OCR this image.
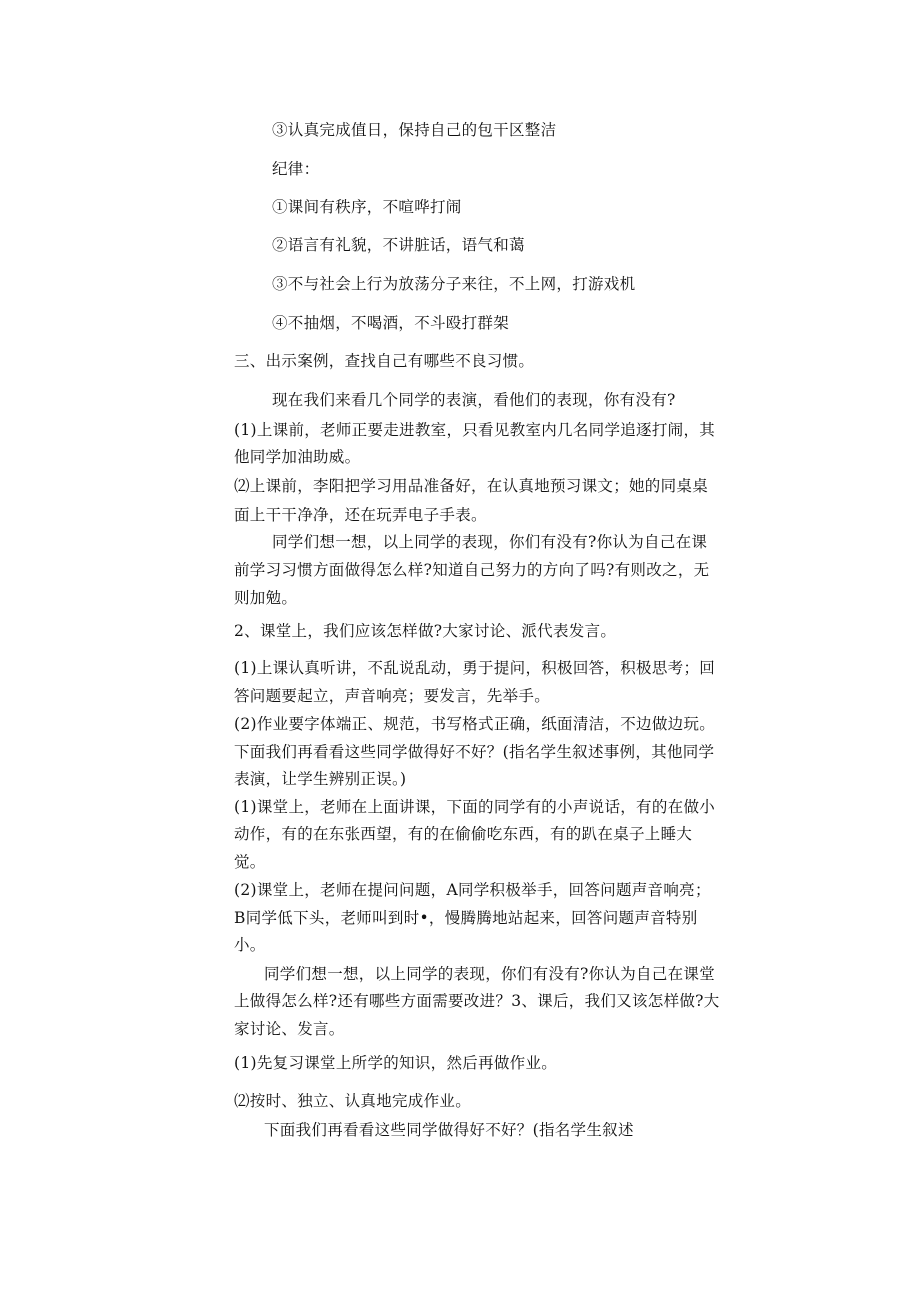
③认真完成值日，保持自己的包干区整洁
纪律：
①课间有秩序，不喧哗打闹
②语言有礼貌，不讲脏话，语气和蔼
③不与社会上行为放荡分子来往，不上网，打游戏机
④不抽烟，不喝酒，不斗殴打群架
三、出示案例，查找自己有哪些不良习惯。
现在我们来看几个同学的表演，看他们的表现，你有没有?
(1)上课前，老师正要走进教室，只看见教室内几名同学追逐打闹，其
他同学加油助威。
⑵上课前，李阳把学习用品准备好，在认真地预习课文；她的同桌桌
面上干干净净，还在玩弄电子手表。
同学们想一想，以上同学的表现，你们有没有?你认为自己在课
前学习习惯方面做得怎么样?知道自己努力的方向了吗?有则改之，无
则加勉。
2、课堂上，我们应该怎样做?大家讨论、派代表发言。
(1)上课认真听讲，不乱说乱动，勇于提问，积极回答，积极思考；回
答问题要起立，声音响亮；要发言，先举手。
(2)作业要字体端正、规范，书写格式正确，纸面清洁，不边做边玩。
下面我们再看看这些同学做得好不好？(指名学生叙述事例，其他同学
表演，让学生辨别正误。)
(1)课堂上，老师在上面讲课，下面的同学有的小声说话，有的在做小
动作，有的在东张西望，有的在偷偷吃东西，有的趴在桌子上睡大
觉。
(2)课堂上，老师在提问问题，A同学积极举手，回答问题声音响亮；
B同学低下头，老师叫到时•，慢腾腾地站起来，回答问题声音特别
小。
同学们想一想，以上同学的表现，你们有没有?你认为自己在课堂
上做得怎么样?还有哪些方面需要改进？3、课后，我们又该怎样做?大
家讨论、发言。
(1)先复习课堂上所学的知识，然后再做作业。
⑵按时、独立、认真地完成作业。
下面我们再看看这些同学做得好不好？(指名学生叙述
